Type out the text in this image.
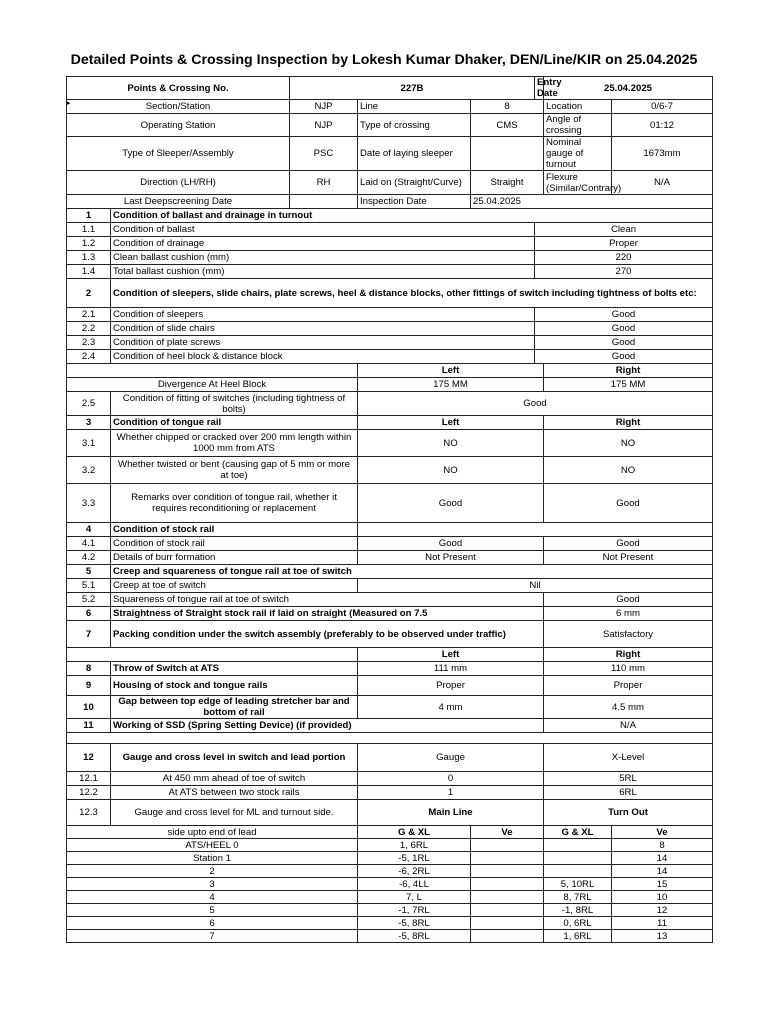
Detailed Points & Crossing Inspection by Lokesh Kumar Dhaker, DEN/Line/KIR on 25.04.2025
▸
Points & Crossing No.		227B			Entry Date	25.04.2025	
Section/Station		NJP	Line	8		Location	0/6-7
Operating Station		NJP	Type of crossing	CMS		Angle of crossing	01:12
Type of Sleeper/Assembly		PSC	Date of laying sleeper			Nominal gauge of turnout	1673mm
Direction (LH/RH)		RH	Laid on (Straight/Curve)	Straight		Flexure (Similar/Contrary)	N/A
Last Deepscreening Date			Inspection Date	25.04.2025			
1	Condition of ballast and drainage in turnout						
1.1	Condition of ballast				Clean		
1.2	Condition of drainage				Proper		
1.3	Clean ballast cushion (mm)				220		
1.4	Total ballast cushion (mm)				270		
2	Condition of sleepers, slide chairs, plate screws, heel & distance blocks, other fittings of switch including tightness of bolts etc:						
2.1	Condition of sleepers				Good		
2.2	Condition of slide chairs				Good		
2.3	Condition of plate screws				Good		
2.4	Condition of heel block & distance block				Good		
			Left			Right	
Divergence At Heel Block			175 MM			175 MM	
2.5	Condition of fitting of switches (including tightness of bolts)		Good				
3	Condition of tongue rail		Left			Right	
3.1	Whether chipped or cracked over 200 mm length within 1000 mm from ATS		NO			NO	
3.2	Whether twisted or bent (causing gap of 5 mm or more at toe)		NO			NO	
3.3	Remarks over condition of tongue rail, whether it requires reconditioning or replacement		Good			Good	
4	Condition of stock rail						
4.1	Condition of stock rail		Good			Good	
4.2	Details of burr formation		Not Present			Not Present	
5	Creep and squareness of tongue rail at toe of switch						
5.1	Creep at toe of switch		Nil				
5.2	Squareness of tongue rail at toe of switch					Good	
6	Straightness of Straight stock rail if laid on straight (Measured on 7.5					6 mm	
7	Packing condition under the switch assembly (preferably to be observed under traffic)					Satisfactory	
			Left			Right	
8	Throw of Switch at ATS		111 mm			110 mm	
9	Housing of stock and tongue rails		Proper			Proper	
10	Gap between top edge of leading stretcher bar and bottom of rail		4 mm			4.5 mm	
11	Working of SSD (Spring Setting Device) (if provided)					N/A	

12	Gauge and cross level in switch and lead portion		Gauge			X-Level	
12.1	At 450 mm ahead of toe of switch		0			5RL	
12.2	At ATS between two stock rails		1			6RL	
12.3	Gauge and cross level for ML and turnout side.		Main Line			Turn Out	
side upto end of lead			G & XL	Ve		G & XL	Ve
ATS/HEEL 0			1, 6RL				8
Station 1			-5, 1RL				14
2			-6, 2RL				14
3			-6, 4LL			5, 10RL	15
4			7, L			8, 7RL	10
5			-1, 7RL			-1, 8RL	12
6			-5, 8RL			0, 6RL	11
7			-5, 8RL			1, 6RL	13
